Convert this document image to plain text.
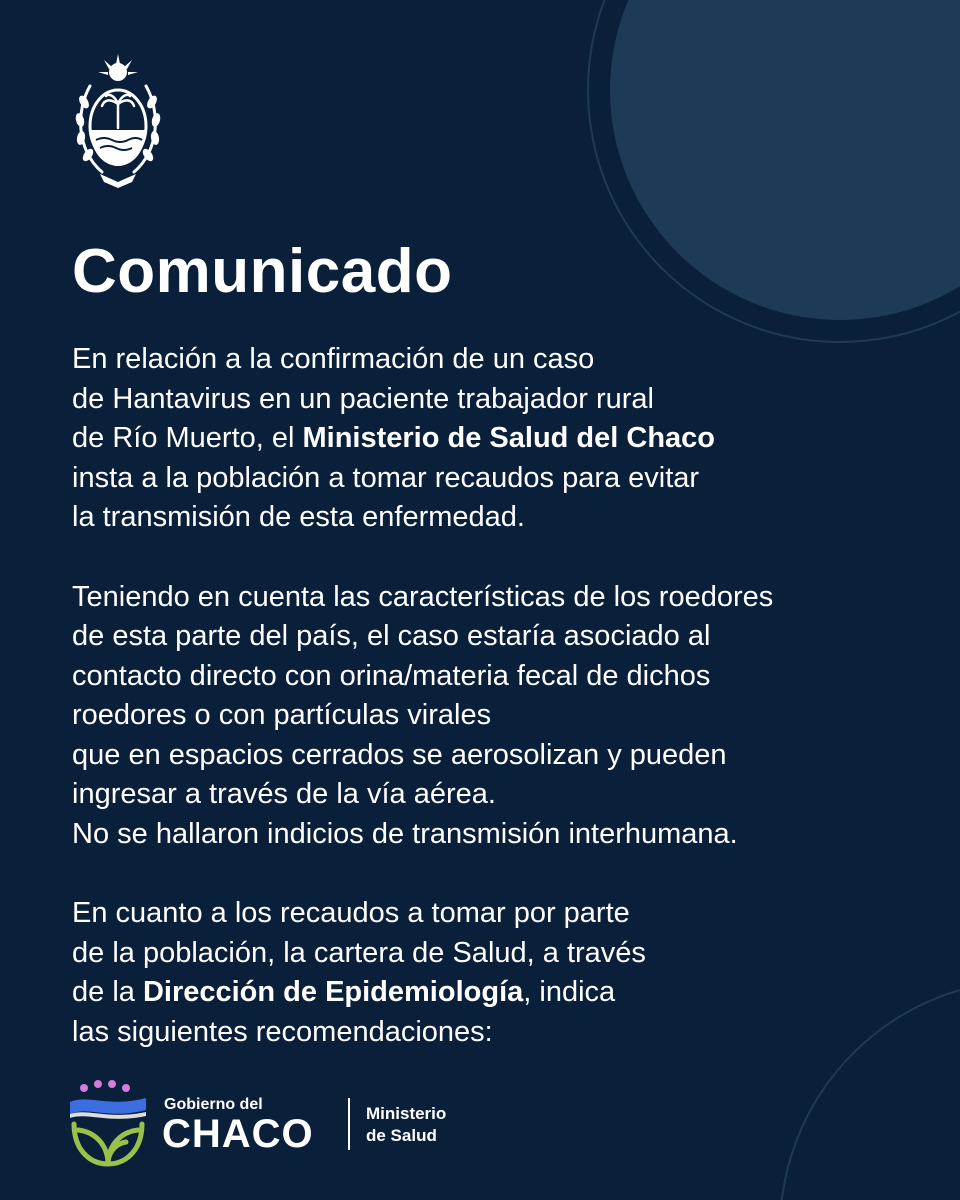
Comunicado

En relación a la confirmación de un caso
de Hantavirus en un paciente trabajador rural
de Río Muerto, el Ministerio de Salud del Chaco
insta a la población a tomar recaudos para evitar
la transmisión de esta enfermedad.

Teniendo en cuenta las características de los roedores
de esta parte del país, el caso estaría asociado al
contacto directo con orina/materia fecal de dichos
roedores o con partículas virales
que en espacios cerrados se aerosolizan y pueden
ingresar a través de la vía aérea.
No se hallaron indicios de transmisión interhumana.

En cuanto a los recaudos a tomar por parte
de la población, la cartera de Salud, a través
de la Dirección de Epidemiología, indica
las siguientes recomendaciones:

Gobierno del
CHACO	Ministerio
de Salud
